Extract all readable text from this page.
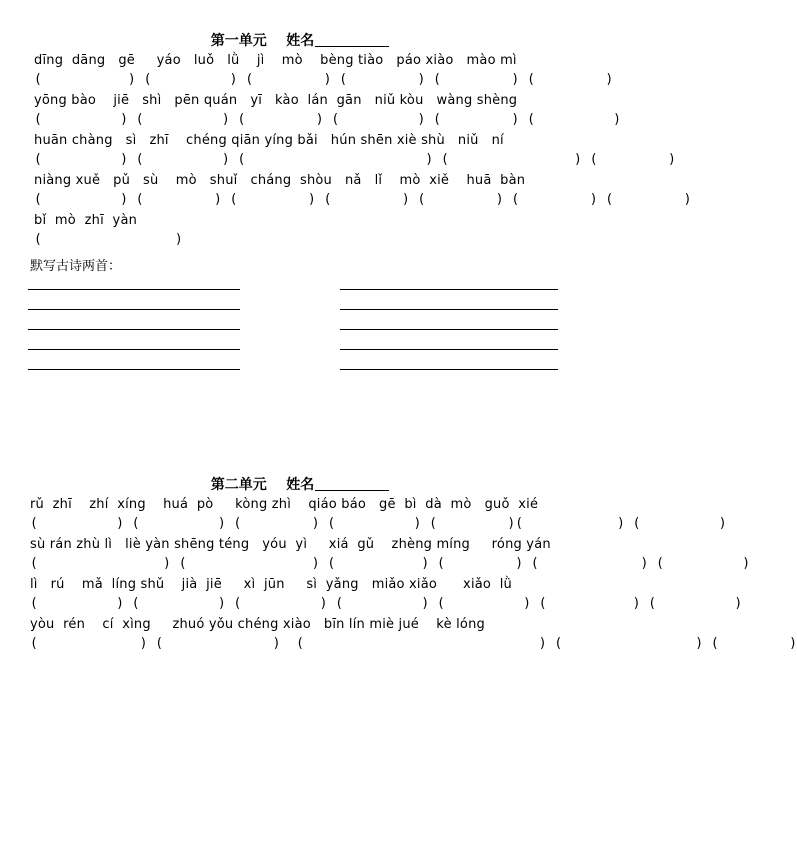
第一单元 姓名
dīng  dāng   gē     yáo   luǒ   lǜ    jì    mò    bèng tiào   páo xiào   mào mì
(           ) (          ) (         ) (         ) (         ) (         )
yōng bào    jiē   shì   pēn quán   yī   kào  lán  gān   niǔ kòu   wàng shèng
(          ) (          ) (         ) (          ) (         ) (          )
huān chàng   sì   zhī    chéng qiān yíng bǎi   hún shēn xiè shù   niǔ   ní
(          ) (          ) (                       ) (                ) (         )
niàng xuě   pǔ   sù    mò   shuǐ   cháng  shòu   nǎ   lǐ    mò  xiě    huā  bàn
(          ) (         ) (         ) (         ) (         ) (         ) (         )
bǐ  mò  zhī  yàn
(                 )
默写古诗两首：
第二单元 姓名
rǔ  zhī    zhí  xíng    huá  pò     kòng zhì    qiáo báo   gē  bì  dà  mò   guǒ  xié
(          ) (          ) (         ) (          ) (         )(            ) (          )
sù rán zhù lì   liè yàn shēng téng   yóu  yì     xiá  gǔ    zhèng míng     róng yán
(                ) (                ) (           ) (         ) (             ) (          )
lì   rú    mǎ  líng shǔ    jià  jiē     xì  jūn     sì  yǎng   miǎo xiǎo      xiǎo  lǜ
(          ) (          ) (          ) (          ) (          ) (           ) (          )
yòu  rén    cí  xìng     zhuó yǒu chéng xiào   bīn lín miè jué    kè lóng
(             ) (              )  (                              ) (                 ) (         )
